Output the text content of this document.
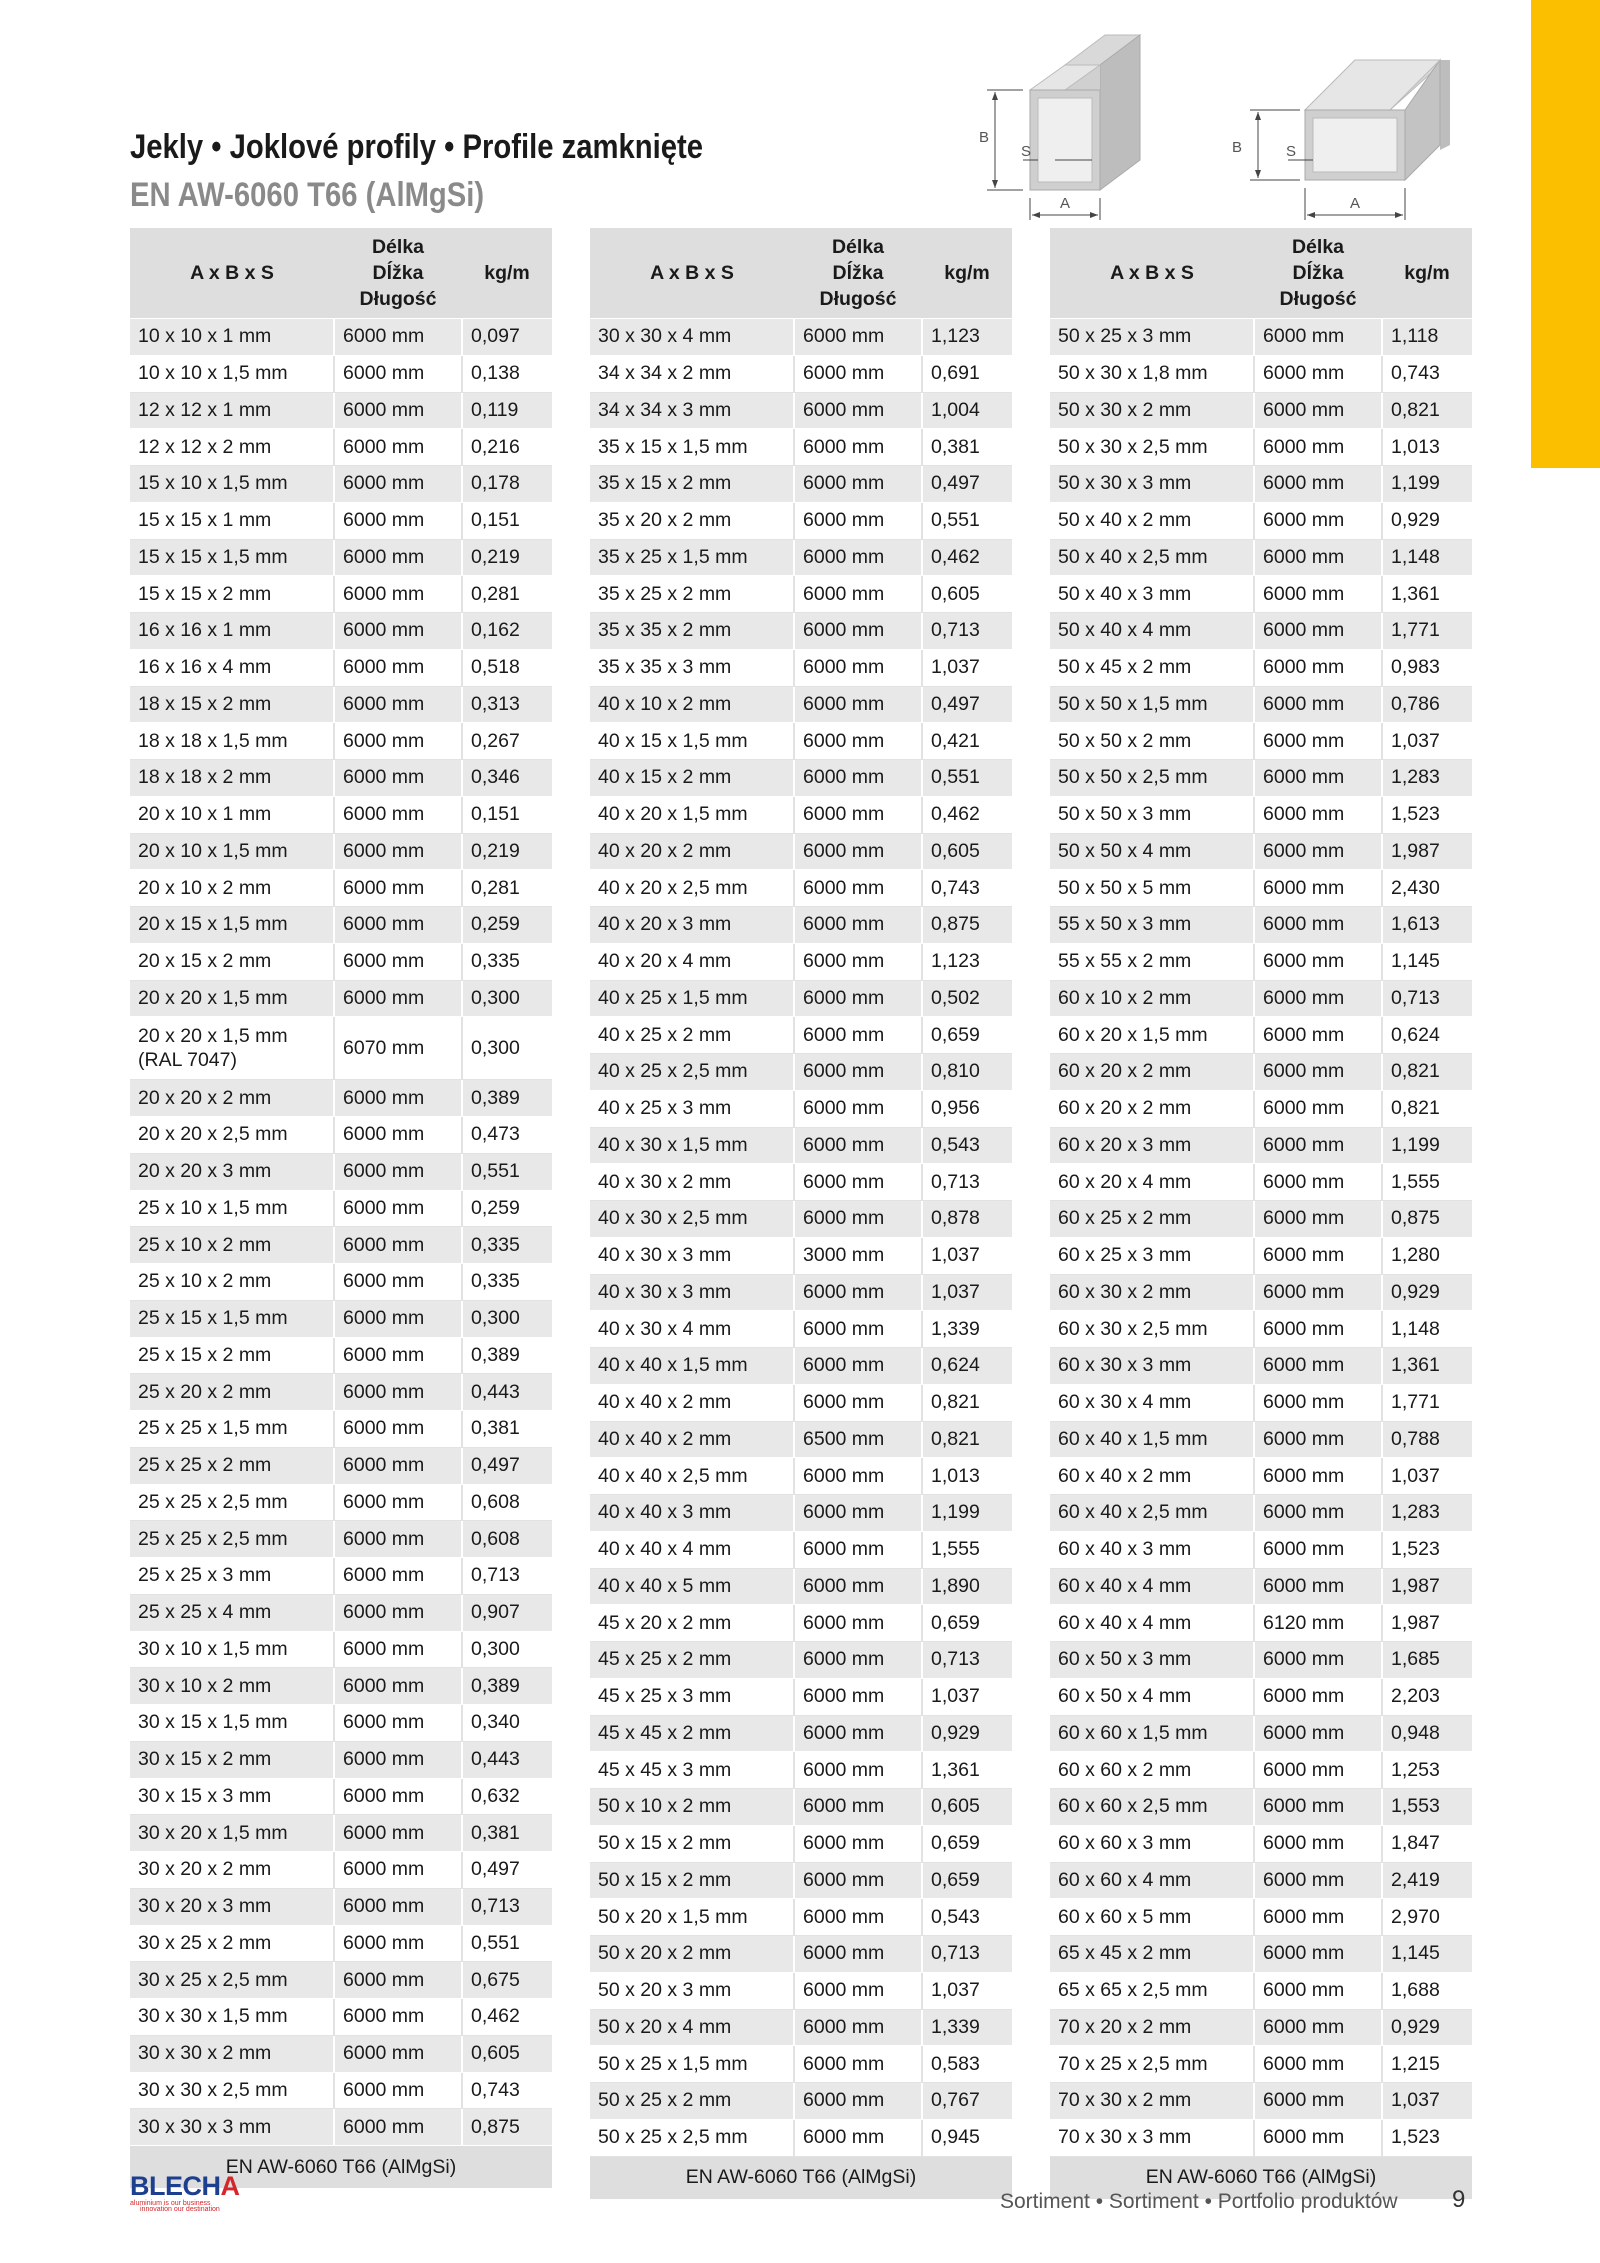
Jekly • Joklové profily • Profile zamknięte
EN AW-6060 T66 (AlMgSi)
B
S
A
B	S
A
A x B x S	Délka
Dĺžka
Długość	kg/m
10 x 10 x 1 mm	6000 mm	0,097
10 x 10 x 1,5 mm	6000 mm	0,138
12 x 12 x 1 mm	6000 mm	0,119
12 x 12 x 2 mm	6000 mm	0,216
15 x 10 x 1,5 mm	6000 mm	0,178
15 x 15 x 1 mm	6000 mm	0,151
15 x 15 x 1,5 mm	6000 mm	0,219
15 x 15 x 2 mm	6000 mm	0,281
16 x 16 x 1 mm	6000 mm	0,162
16 x 16 x 4 mm	6000 mm	0,518
18 x 15 x 2 mm	6000 mm	0,313
18 x 18 x 1,5 mm	6000 mm	0,267
18 x 18 x 2 mm	6000 mm	0,346
20 x 10 x 1 mm	6000 mm	0,151
20 x 10 x 1,5 mm	6000 mm	0,219
20 x 10 x 2 mm	6000 mm	0,281
20 x 15 x 1,5 mm	6000 mm	0,259
20 x 15 x 2 mm	6000 mm	0,335
20 x 20 x 1,5 mm	6000 mm	0,300
20 x 20 x 1,5 mm (RAL 7047)	6070 mm	0,300
20 x 20 x 2 mm	6000 mm	0,389
20 x 20 x 2,5 mm	6000 mm	0,473
20 x 20 x 3 mm	6000 mm	0,551
25 x 10 x 1,5 mm	6000 mm	0,259
25 x 10 x 2 mm	6000 mm	0,335
25 x 10 x 2 mm	6000 mm	0,335
25 x 15 x 1,5 mm	6000 mm	0,300
25 x 15 x 2 mm	6000 mm	0,389
25 x 20 x 2 mm	6000 mm	0,443
25 x 25 x 1,5 mm	6000 mm	0,381
25 x 25 x 2 mm	6000 mm	0,497
25 x 25 x 2,5 mm	6000 mm	0,608
25 x 25 x 2,5 mm	6000 mm	0,608
25 x 25 x 3 mm	6000 mm	0,713
25 x 25 x 4 mm	6000 mm	0,907
30 x 10 x 1,5 mm	6000 mm	0,300
30 x 10 x 2 mm	6000 mm	0,389
30 x 15 x 1,5 mm	6000 mm	0,340
30 x 15 x 2 mm	6000 mm	0,443
30 x 15 x 3 mm	6000 mm	0,632
30 x 20 x 1,5 mm	6000 mm	0,381
30 x 20 x 2 mm	6000 mm	0,497
30 x 20 x 3 mm	6000 mm	0,713
30 x 25 x 2 mm	6000 mm	0,551
30 x 25 x 2,5 mm	6000 mm	0,675
30 x 30 x 1,5 mm	6000 mm	0,462
30 x 30 x 2 mm	6000 mm	0,605
30 x 30 x 2,5 mm	6000 mm	0,743
30 x 30 x 3 mm	6000 mm	0,875
EN AW-6060 T66 (AlMgSi)		
A x B x S	Délka
Dĺžka
Długość	kg/m
30 x 30 x 4 mm	6000 mm	1,123
34 x 34 x 2 mm	6000 mm	0,691
34 x 34 x 3 mm	6000 mm	1,004
35 x 15 x 1,5 mm	6000 mm	0,381
35 x 15 x 2 mm	6000 mm	0,497
35 x 20 x 2 mm	6000 mm	0,551
35 x 25 x 1,5 mm	6000 mm	0,462
35 x 25 x 2 mm	6000 mm	0,605
35 x 35 x 2 mm	6000 mm	0,713
35 x 35 x 3 mm	6000 mm	1,037
40 x 10 x 2 mm	6000 mm	0,497
40 x 15 x 1,5 mm	6000 mm	0,421
40 x 15 x 2 mm	6000 mm	0,551
40 x 20 x 1,5 mm	6000 mm	0,462
40 x 20 x 2 mm	6000 mm	0,605
40 x 20 x 2,5 mm	6000 mm	0,743
40 x 20 x 3 mm	6000 mm	0,875
40 x 20 x 4 mm	6000 mm	1,123
40 x 25 x 1,5 mm	6000 mm	0,502
40 x 25 x 2 mm	6000 mm	0,659
40 x 25 x 2,5 mm	6000 mm	0,810
40 x 25 x 3 mm	6000 mm	0,956
40 x 30 x 1,5 mm	6000 mm	0,543
40 x 30 x 2 mm	6000 mm	0,713
40 x 30 x 2,5 mm	6000 mm	0,878
40 x 30 x 3 mm	3000 mm	1,037
40 x 30 x 3 mm	6000 mm	1,037
40 x 30 x 4 mm	6000 mm	1,339
40 x 40 x 1,5 mm	6000 mm	0,624
40 x 40 x 2 mm	6000 mm	0,821
40 x 40 x 2 mm	6500 mm	0,821
40 x 40 x 2,5 mm	6000 mm	1,013
40 x 40 x 3 mm	6000 mm	1,199
40 x 40 x 4 mm	6000 mm	1,555
40 x 40 x 5 mm	6000 mm	1,890
45 x 20 x 2 mm	6000 mm	0,659
45 x 25 x 2 mm	6000 mm	0,713
45 x 25 x 3 mm	6000 mm	1,037
45 x 45 x 2 mm	6000 mm	0,929
45 x 45 x 3 mm	6000 mm	1,361
50 x 10 x 2 mm	6000 mm	0,605
50 x 15 x 2 mm	6000 mm	0,659
50 x 15 x 2 mm	6000 mm	0,659
50 x 20 x 1,5 mm	6000 mm	0,543
50 x 20 x 2 mm	6000 mm	0,713
50 x 20 x 3 mm	6000 mm	1,037
50 x 20 x 4 mm	6000 mm	1,339
50 x 25 x 1,5 mm	6000 mm	0,583
50 x 25 x 2 mm	6000 mm	0,767
50 x 25 x 2,5 mm	6000 mm	0,945
EN AW-6060 T66 (AlMgSi)		
A x B x S	Délka
Dĺžka
Długość	kg/m
50 x 25 x 3 mm	6000 mm	1,118
50 x 30 x 1,8 mm	6000 mm	0,743
50 x 30 x 2 mm	6000 mm	0,821
50 x 30 x 2,5 mm	6000 mm	1,013
50 x 30 x 3 mm	6000 mm	1,199
50 x 40 x 2 mm	6000 mm	0,929
50 x 40 x 2,5 mm	6000 mm	1,148
50 x 40 x 3 mm	6000 mm	1,361
50 x 40 x 4 mm	6000 mm	1,771
50 x 45 x 2 mm	6000 mm	0,983
50 x 50 x 1,5 mm	6000 mm	0,786
50 x 50 x 2 mm	6000 mm	1,037
50 x 50 x 2,5 mm	6000 mm	1,283
50 x 50 x 3 mm	6000 mm	1,523
50 x 50 x 4 mm	6000 mm	1,987
50 x 50 x 5 mm	6000 mm	2,430
55 x 50 x 3 mm	6000 mm	1,613
55 x 55 x 2 mm	6000 mm	1,145
60 x 10 x 2 mm	6000 mm	0,713
60 x 20 x 1,5 mm	6000 mm	0,624
60 x 20 x 2 mm	6000 mm	0,821
60 x 20 x 2 mm	6000 mm	0,821
60 x 20 x 3 mm	6000 mm	1,199
60 x 20 x 4 mm	6000 mm	1,555
60 x 25 x 2 mm	6000 mm	0,875
60 x 25 x 3 mm	6000 mm	1,280
60 x 30 x 2 mm	6000 mm	0,929
60 x 30 x 2,5 mm	6000 mm	1,148
60 x 30 x 3 mm	6000 mm	1,361
60 x 30 x 4 mm	6000 mm	1,771
60 x 40 x 1,5 mm	6000 mm	0,788
60 x 40 x 2 mm	6000 mm	1,037
60 x 40 x 2,5 mm	6000 mm	1,283
60 x 40 x 3 mm	6000 mm	1,523
60 x 40 x 4 mm	6000 mm	1,987
60 x 40 x 4 mm	6120 mm	1,987
60 x 50 x 3 mm	6000 mm	1,685
60 x 50 x 4 mm	6000 mm	2,203
60 x 60 x 1,5 mm	6000 mm	0,948
60 x 60 x 2 mm	6000 mm	1,253
60 x 60 x 2,5 mm	6000 mm	1,553
60 x 60 x 3 mm	6000 mm	1,847
60 x 60 x 4 mm	6000 mm	2,419
60 x 60 x 5 mm	6000 mm	2,970
65 x 45 x 2 mm	6000 mm	1,145
65 x 65 x 2,5 mm	6000 mm	1,688
70 x 20 x 2 mm	6000 mm	0,929
70 x 25 x 2,5 mm	6000 mm	1,215
70 x 30 x 2 mm	6000 mm	1,037
70 x 30 x 3 mm	6000 mm	1,523
EN AW-6060 T66 (AlMgSi)		
BLECHA
aluminium is our business
innovation our destination	Sortiment • Sortiment • Portfolio produktów 9
